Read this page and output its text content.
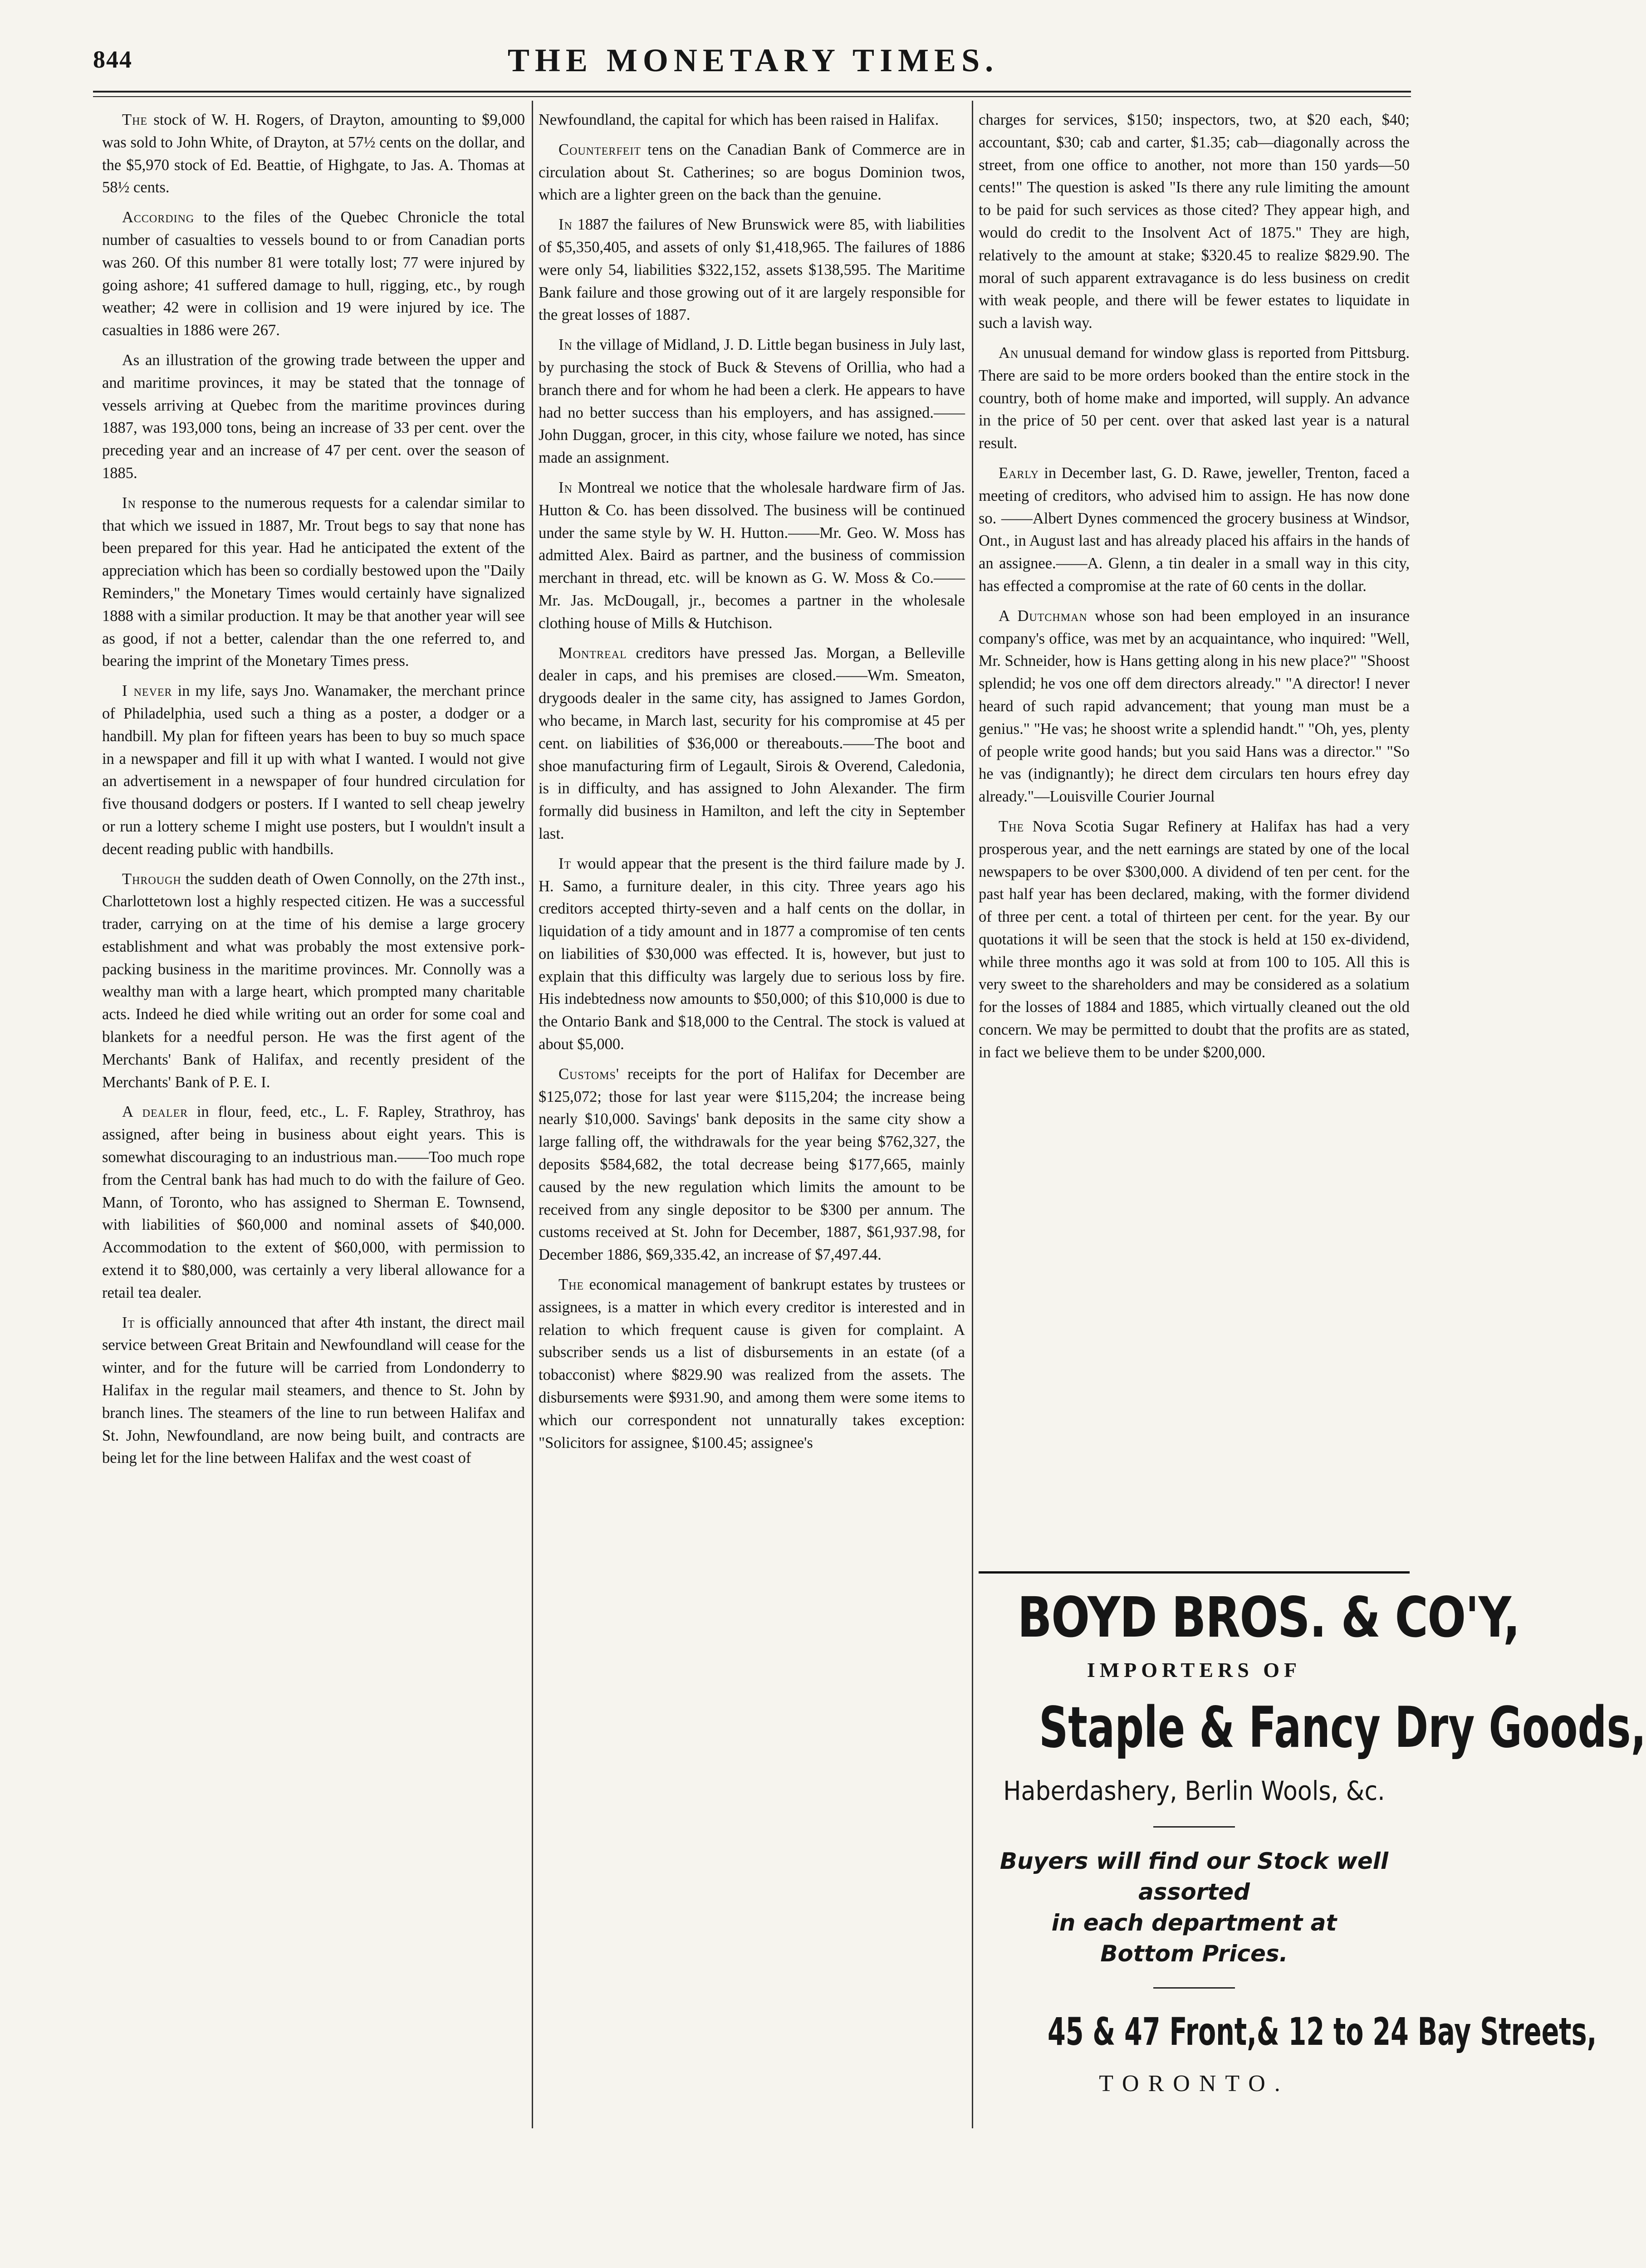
844	THE MONETARY TIMES.

The stock of W. H. Rogers, of Drayton, amounting to $9,000 was sold to John White, of Drayton, at 57½ cents on the dollar, and the $5,970 stock of Ed. Beattie, of Highgate, to Jas. A. Thomas at 58½ cents.

According to the files of the Quebec Chronicle the total number of casualties to vessels bound to or from Canadian ports was 260. Of this number 81 were totally lost; 77 were injured by going ashore; 41 suffered damage to hull, rigging, etc., by rough weather; 42 were in collision and 19 were injured by ice. The casualties in 1886 were 267.

As an illustration of the growing trade between the upper and and maritime provinces, it may be stated that the tonnage of vessels arriving at Quebec from the maritime provinces during 1887, was 193,000 tons, being an increase of 33 per cent. over the preceding year and an increase of 47 per cent. over the season of 1885.

In response to the numerous requests for a calendar similar to that which we issued in 1887, Mr. Trout begs to say that none has been prepared for this year. Had he anticipated the extent of the appreciation which has been so cordially bestowed upon the "Daily Reminders," the Monetary Times would certainly have signalized 1888 with a similar production. It may be that another year will see as good, if not a better, calendar than the one referred to, and bearing the imprint of the Monetary Times press.

I never in my life, says Jno. Wanamaker, the merchant prince of Philadelphia, used such a thing as a poster, a dodger or a handbill. My plan for fifteen years has been to buy so much space in a newspaper and fill it up with what I wanted. I would not give an advertisement in a newspaper of four hundred circulation for five thousand dodgers or posters. If I wanted to sell cheap jewelry or run a lottery scheme I might use posters, but I wouldn't insult a decent reading public with handbills.

Through the sudden death of Owen Connolly, on the 27th inst., Charlottetown lost a highly respected citizen. He was a successful trader, carrying on at the time of his demise a large grocery establishment and what was probably the most extensive pork-packing business in the maritime provinces. Mr. Connolly was a wealthy man with a large heart, which prompted many charitable acts. Indeed he died while writing out an order for some coal and blankets for a needful person. He was the first agent of the Merchants' Bank of Halifax, and recently president of the Merchants' Bank of P. E. I.

A dealer in flour, feed, etc., L. F. Rapley, Strathroy, has assigned, after being in business about eight years. This is somewhat discouraging to an industrious man.——Too much rope from the Central bank has had much to do with the failure of Geo. Mann, of Toronto, who has assigned to Sherman E. Townsend, with liabilities of $60,000 and nominal assets of $40,000. Accommodation to the extent of $60,000, with permission to extend it to $80,000, was certainly a very liberal allowance for a retail tea dealer.

It is officially announced that after 4th instant, the direct mail service between Great Britain and Newfoundland will cease for the winter, and for the future will be carried from Londonderry to Halifax in the regular mail steamers, and thence to St. John by branch lines. The steamers of the line to run between Halifax and St. John, Newfoundland, are now being built, and contracts are being let for the line between Halifax and the west coast of

Newfoundland, the capital for which has been raised in Halifax.

Counterfeit tens on the Canadian Bank of Commerce are in circulation about St. Catherines; so are bogus Dominion twos, which are a lighter green on the back than the genuine.

In 1887 the failures of New Brunswick were 85, with liabilities of $5,350,405, and assets of only $1,418,965. The failures of 1886 were only 54, liabilities $322,152, assets $138,595. The Maritime Bank failure and those growing out of it are largely responsible for the great losses of 1887.

In the village of Midland, J. D. Little began business in July last, by purchasing the stock of Buck & Stevens of Orillia, who had a branch there and for whom he had been a clerk. He appears to have had no better success than his employers, and has assigned.——John Duggan, grocer, in this city, whose failure we noted, has since made an assignment.

In Montreal we notice that the wholesale hardware firm of Jas. Hutton & Co. has been dissolved. The business will be continued under the same style by W. H. Hutton.——Mr. Geo. W. Moss has admitted Alex. Baird as partner, and the business of commission merchant in thread, etc. will be known as G. W. Moss & Co.——Mr. Jas. McDougall, jr., becomes a partner in the wholesale clothing house of Mills & Hutchison.

Montreal creditors have pressed Jas. Morgan, a Belleville dealer in caps, and his premises are closed.——Wm. Smeaton, drygoods dealer in the same city, has assigned to James Gordon, who became, in March last, security for his compromise at 45 per cent. on liabilities of $36,000 or thereabouts.——The boot and shoe manufacturing firm of Legault, Sirois & Overend, Caledonia, is in difficulty, and has assigned to John Alexander. The firm formally did business in Hamilton, and left the city in September last.

It would appear that the present is the third failure made by J. H. Samo, a furniture dealer, in this city. Three years ago his creditors accepted thirty-seven and a half cents on the dollar, in liquidation of a tidy amount and in 1877 a compromise of ten cents on liabilities of $30,000 was effected. It is, however, but just to explain that this difficulty was largely due to serious loss by fire. His indebtedness now amounts to $50,000; of this $10,000 is due to the Ontario Bank and $18,000 to the Central. The stock is valued at about $5,000.

Customs' receipts for the port of Halifax for December are $125,072; those for last year were $115,204; the increase being nearly $10,000. Savings' bank deposits in the same city show a large falling off, the withdrawals for the year being $762,327, the deposits $584,682, the total decrease being $177,665, mainly caused by the new regulation which limits the amount to be received from any single depositor to be $300 per annum. The customs received at St. John for December, 1887, $61,937.98, for December 1886, $69,335.42, an increase of $7,497.44.

The economical management of bankrupt estates by trustees or assignees, is a matter in which every creditor is interested and in relation to which frequent cause is given for complaint. A subscriber sends us a list of disbursements in an estate (of a tobacconist) where $829.90 was realized from the assets. The disbursements were $931.90, and among them were some items to which our correspondent not unnaturally takes exception: "Solicitors for assignee, $100.45; assignee's

charges for services, $150; inspectors, two, at $20 each, $40; accountant, $30; cab and carter, $1.35; cab—diagonally across the street, from one office to another, not more than 150 yards—50 cents!" The question is asked "Is there any rule limiting the amount to be paid for such services as those cited? They appear high, and would do credit to the Insolvent Act of 1875." They are high, relatively to the amount at stake; $320.45 to realize $829.90. The moral of such apparent extravagance is do less business on credit with weak people, and there will be fewer estates to liquidate in such a lavish way.

An unusual demand for window glass is reported from Pittsburg. There are said to be more orders booked than the entire stock in the country, both of home make and imported, will supply. An advance in the price of 50 per cent. over that asked last year is a natural result.

Early in December last, G. D. Rawe, jeweller, Trenton, faced a meeting of creditors, who advised him to assign. He has now done so. ——Albert Dynes commenced the grocery business at Windsor, Ont., in August last and has already placed his affairs in the hands of an assignee.——A. Glenn, a tin dealer in a small way in this city, has effected a compromise at the rate of 60 cents in the dollar.

A Dutchman whose son had been employed in an insurance company's office, was met by an acquaintance, who inquired: "Well, Mr. Schneider, how is Hans getting along in his new place?" "Shoost splendid; he vos one off dem directors already." "A director! I never heard of such rapid advancement; that young man must be a genius." "He vas; he shoost write a splendid handt." "Oh, yes, plenty of people write good hands; but you said Hans was a director." "So he vas (indignantly); he direct dem circulars ten hours efrey day already."—Louisville Courier Journal

The Nova Scotia Sugar Refinery at Halifax has had a very prosperous year, and the nett earnings are stated by one of the local newspapers to be over $300,000. A dividend of ten per cent. for the past half year has been declared, making, with the former dividend of three per cent. a total of thirteen per cent. for the year. By our quotations it will be seen that the stock is held at 150 ex-dividend, while three months ago it was sold at from 100 to 105. All this is very sweet to the shareholders and may be considered as a solatium for the losses of 1884 and 1885, which virtually cleaned out the old concern. We may be permitted to doubt that the profits are as stated, in fact we believe them to be under $200,000.

BOYD BROS. & CO'Y,
IMPORTERS OF
Staple & Fancy Dry Goods,
Haberdashery, Berlin Wools, &c.
Buyers will find our Stock well assorted
in each department at
Bottom Prices.
45 & 47 Front,& 12 to 24 Bay Streets,
TORONTO.
